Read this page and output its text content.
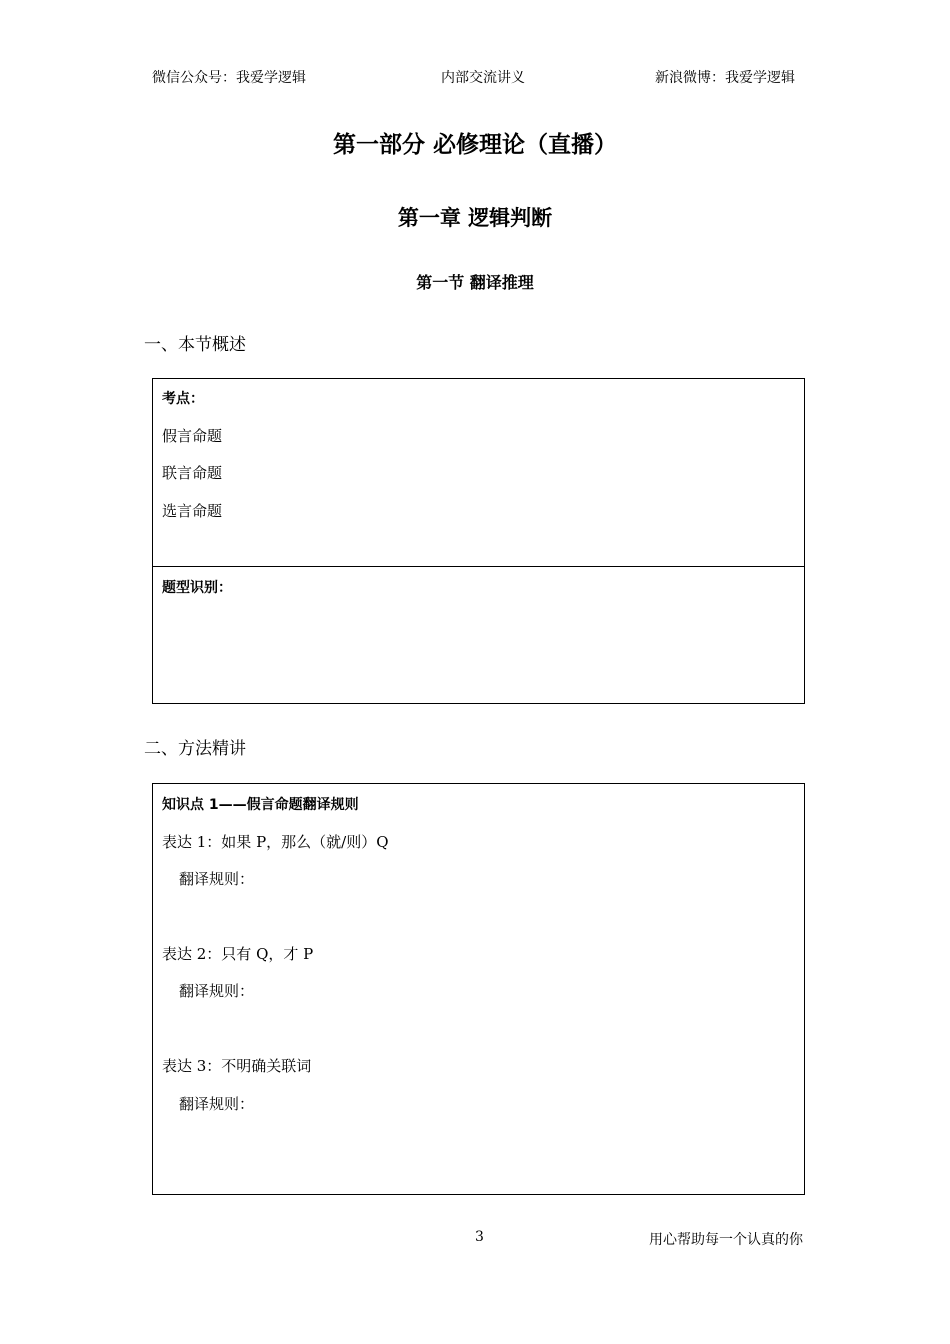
微信公众号：我爱学逻辑	内部交流讲义	新浪微博：我爱学逻辑
第一部分 必修理论（直播）
第一章 逻辑判断
第一节 翻译推理
一、本节概述
考点：
假言命题
联言命题
选言命题
题型识别：
二、方法精讲
知识点 1——假言命题翻译规则
表达 1：如果 P，那么（就/则）Q
翻译规则：
表达 2：只有 Q，才 P
翻译规则：
表达 3：不明确关联词
翻译规则：
3	用心帮助每一个认真的你
